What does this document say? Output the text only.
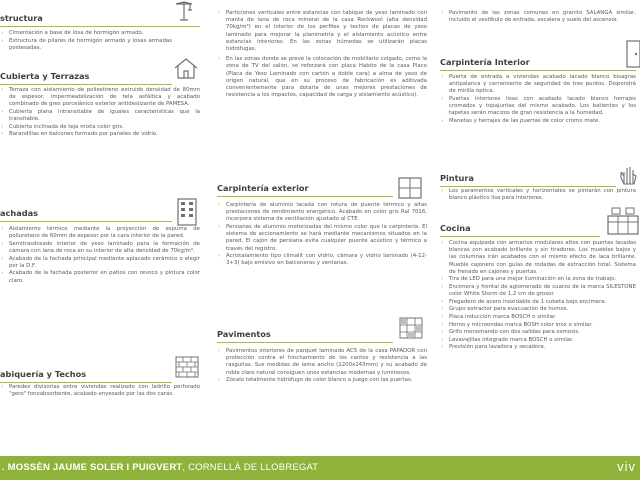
structura
› Cimentación a base de losa de hormigón armado.
› Estructura de pilares de hormigón armado y losas armadas postesadas.
Cubierta y Terrazas
› Terraza con aislamiento de poliestireno extruido densidad de 80mm de espesor, impermeabilización de tela asfáltica y acabado combinado de gres porcelánico exterior antideslizante de PAMESA.
› Cubierta plana intransitable de iguales características que la transitable.
› Cubierta inclinada de teja mixta color gris.
› Barandillas en balcones formado por paneles de vidrio.
achadas
› Aislamiento térmico mediante la proyección de espuma de poliuretano de 60mm de espesor por la cara interior de la pared.
› Semitrasdosado interior de yeso laminado para la formación de cámara con lana de roca en su interior de alta densidad de 70kg/m³.
› Acabado de la fachada principal mediante aplacado cerámico o elegir por la D.F.
› Acabado de la fachada posterior en patios con revoco y pintura color claro.
abiquería y Techos
› Paredes divisorias entre viviendas realizado con ladrillo perforado "gero" fonoabsorbente, acabado enyesado por las dos caras.
› Particiones verticales entre estancias con tabique de yeso laminado con manta de lana de roca mineral de la casa Rockwool (alta densidad 70kg/m³) en el interior de los perfiles y techos de placas de yeso laminado para mejorar la planimetría y el aislamiento acústico entre estancias interiores. En las zonas húmedas se utilizarán placas hidrófugas.
› En las zonas donde se prevé la colocación de mobiliario colgado, como la zona de TV del salón, se reforzará con placa Habito de la casa Placo (Placa de Yeso Laminado con cartón a doble cara) a alma de yeso de origen natural, que en su proceso de fabricación es aditivada convenientemente para dotarla de unas mejores prestaciones de resistencia a los impactos, capacidad de carga y aislamiento acústico).
Carpintería exterior
› Carpintería de aluminio lacada con rotura de puente térmico y altas prestaciones de rendimiento energético. Acabado en color gris Ral 7016, incorpora sistema de ventilación ajustado al CTE.
› Persianas de aluminio motorizadas del mismo color que la carpintería. El sistema de accionamiento se hará mediante mecanismos situados en la pared. El cajón de persiana evita cualquier puente acústico y térmico a través del registro.
› Acristalamiento tipo climalit con vidrio, cámara y vidrio laminado (4-12-3+3) bajo emisivo en balconeras y ventanas.
Pavimentos
› Pavimentos interiores de parquet laminado AC5 de la casa PAPADOR con protección contra el hinchamiento de los cantos y resistencia a las rasguñas. Sus medidas de lama ancho (2200x243mm) y su acabado de roble claro natural consiguen unos estancias modernas y luminosos.
› Zócalo totalmente hidrófugo de color blanco a juego con las puertas.
› Pavimento de las zonas comunes en granito SALANGA similar, incluido el vestíbulo de entrada, escalera y suelo del ascensor.
Carpintería Interior
› Puerta de entrada a viviendas acabado lacado blanco bisagras antipalanca y cerramiento de seguridad de tres puntos. Dispondrá de mirilla óptica.
› Puertas interiores lisas con acabado lacado blanco herrajes cromados y topajuntas del mismo acabado. Los batientes y los tapetas serán macizos de gran resistencia a la humedad.
› Manetas y herrajes de las puertas de color cromo mate.
Pintura
› Los paramentos verticales y horizontales se pintarán con pintura blanco plástico lisa para interiores.
Cocina
› Cocina equipada con armarios modulares altos con puertas lacadas blancas con acabado brillante y sin tiradores. Los muebles bajos y las columnas irán acabados con el mismo efecto de laca brillante. Mueble cajonero con guías de rodadas de extracción total. Sistema de frenado en cajones y puertas.
› Tira de LED para una mejor iluminación en la zona de trabajo.
› Encimera y frontal de aglomerado de cuarzo de la marca SILESTONE color White Storm de 1,2 cm de grosor.
› Fregadero de acero inoxidable de 1 cubeta bajo encimera.
› Grupo extractor para evacuación de humos.
› Placa inducción marca BOSCH o similar.
› Horno y microondas marca BOSH color inox o similar.
› Grifo monomando con dos salidas para osmosis.
› Lavavajillas integrado marca BOSCH o similar.
› Previsión para lavadora y secadora.
. MOSSÈN JAUME SOLER I PUIGVERT, CORNELLÀ DE LLOBREGAT	viv
